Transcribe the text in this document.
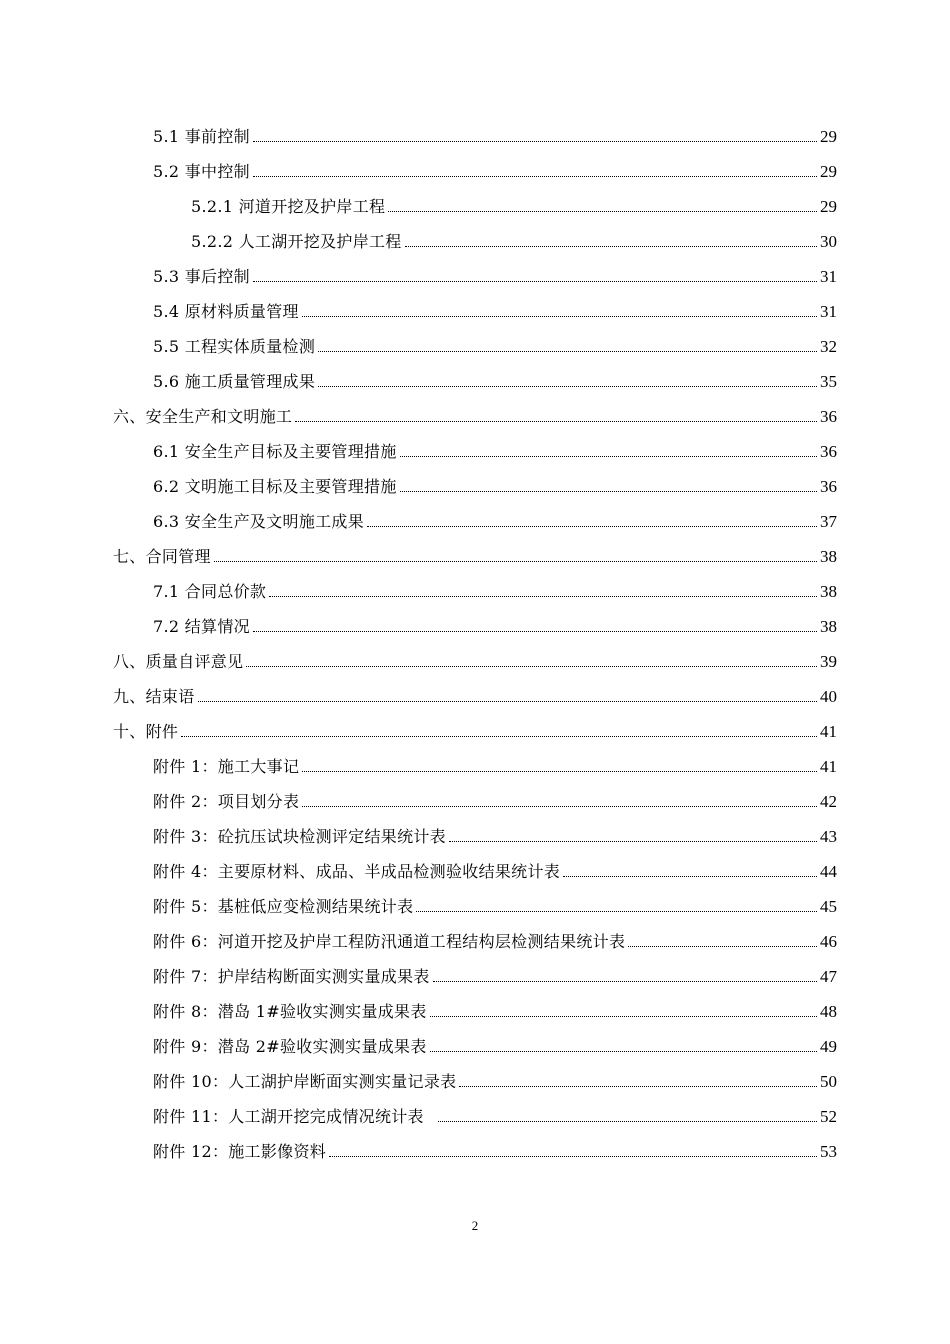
5.1 事前控制	29
5.2 事中控制	29
5.2.1 河道开挖及护岸工程	29
5.2.2 人工湖开挖及护岸工程	30
5.3 事后控制	31
5.4 原材料质量管理	31
5.5 工程实体质量检测	32
5.6 施工质量管理成果	35
六、安全生产和文明施工	36
6.1 安全生产目标及主要管理措施	36
6.2 文明施工目标及主要管理措施	36
6.3 安全生产及文明施工成果	37
七、合同管理	38
7.1 合同总价款	38
7.2 结算情况	38
八、质量自评意见	39
九、结束语	40
十、附件	41
附件 1：施工大事记	41
附件 2：项目划分表	42
附件 3：砼抗压试块检测评定结果统计表	43
附件 4：主要原材料、成品、半成品检测验收结果统计表	44
附件 5：基桩低应变检测结果统计表	45
附件 6：河道开挖及护岸工程防汛通道工程结构层检测结果统计表	46
附件 7：护岸结构断面实测实量成果表	47
附件 8：潜岛 1#验收实测实量成果表	48
附件 9：潜岛 2#验收实测实量成果表	49
附件 10：人工湖护岸断面实测实量记录表	50
附件 11：人工湖开挖完成情况统计表	52
附件 12：施工影像资料	53
2
